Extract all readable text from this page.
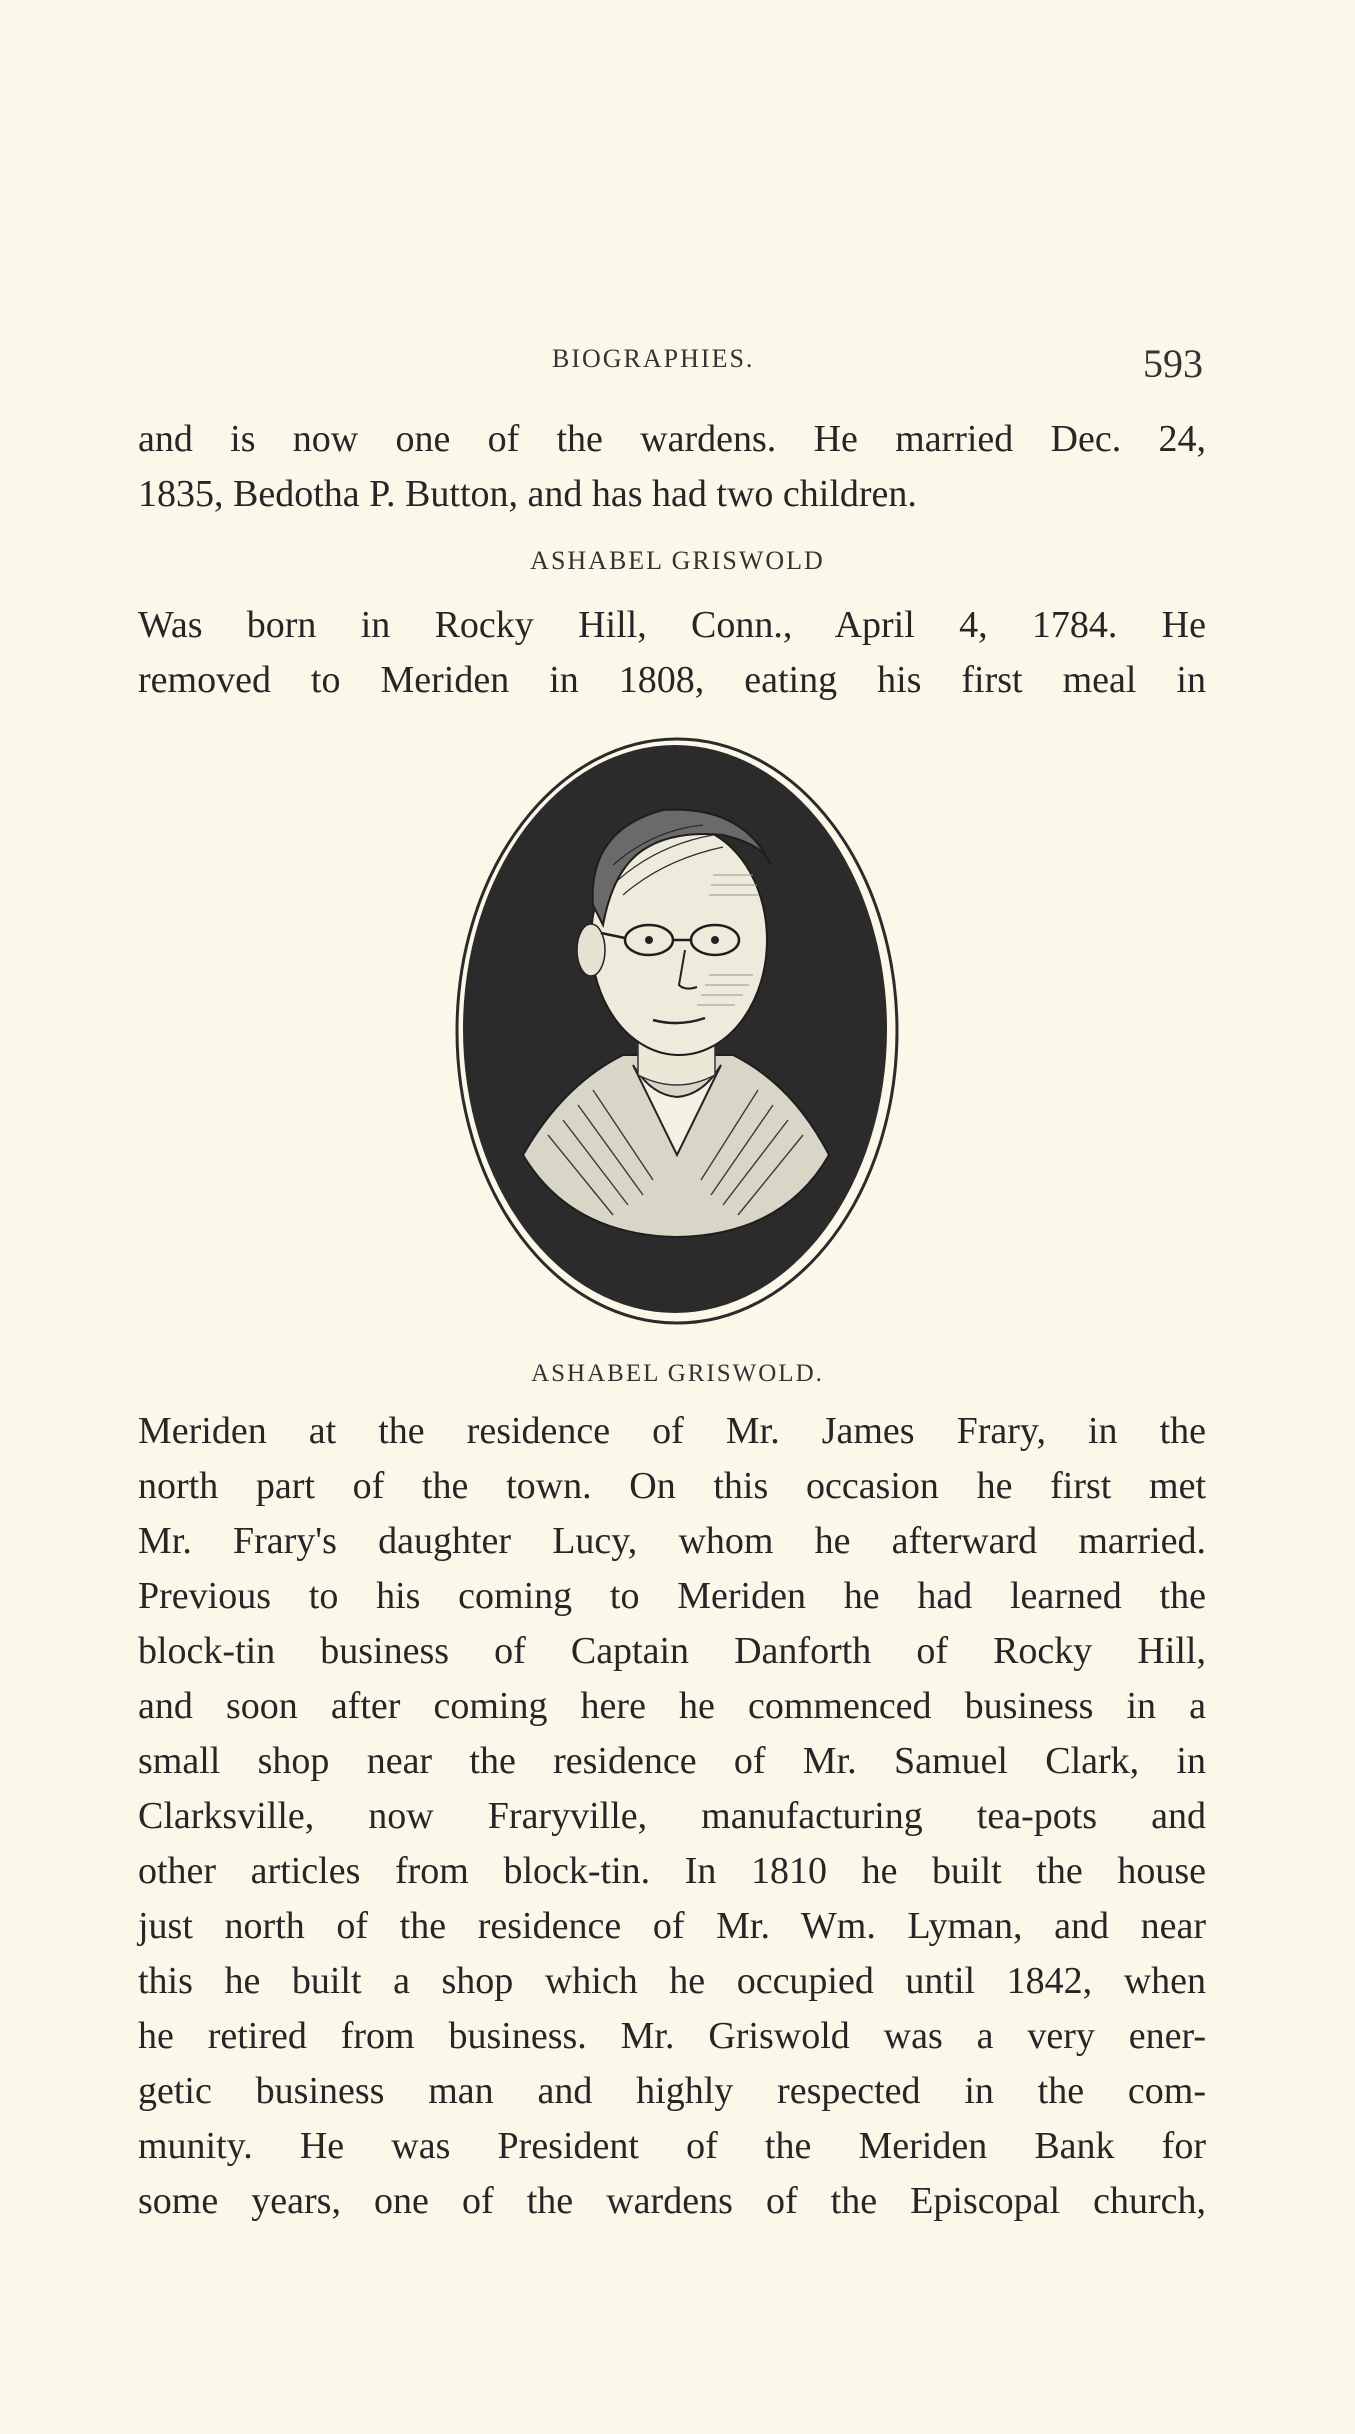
BIOGRAPHIES.	593
and is now one of the wardens. He married Dec. 24,
1835, Bedotha P. Button, and has had two children.
ASHABEL GRISWOLD
Was born in Rocky Hill, Conn., April 4, 1784. He
removed to Meriden in 1808, eating his first meal in
ASHABEL GRISWOLD.
Meriden at the residence of Mr. James Frary, in the
north part of the town. On this occasion he first met
Mr. Frary's daughter Lucy, whom he afterward married.
Previous to his coming to Meriden he had learned the
block-tin business of Captain Danforth of Rocky Hill,
and soon after coming here he commenced business in a
small shop near the residence of Mr. Samuel Clark, in
Clarksville, now Fraryville, manufacturing tea-pots and
other articles from block-tin. In 1810 he built the house
just north of the residence of Mr. Wm. Lyman, and near
this he built a shop which he occupied until 1842, when
he retired from business. Mr. Griswold was a very ener-
getic business man and highly respected in the com-
munity. He was President of the Meriden Bank for
some years, one of the wardens of the Episcopal church,
